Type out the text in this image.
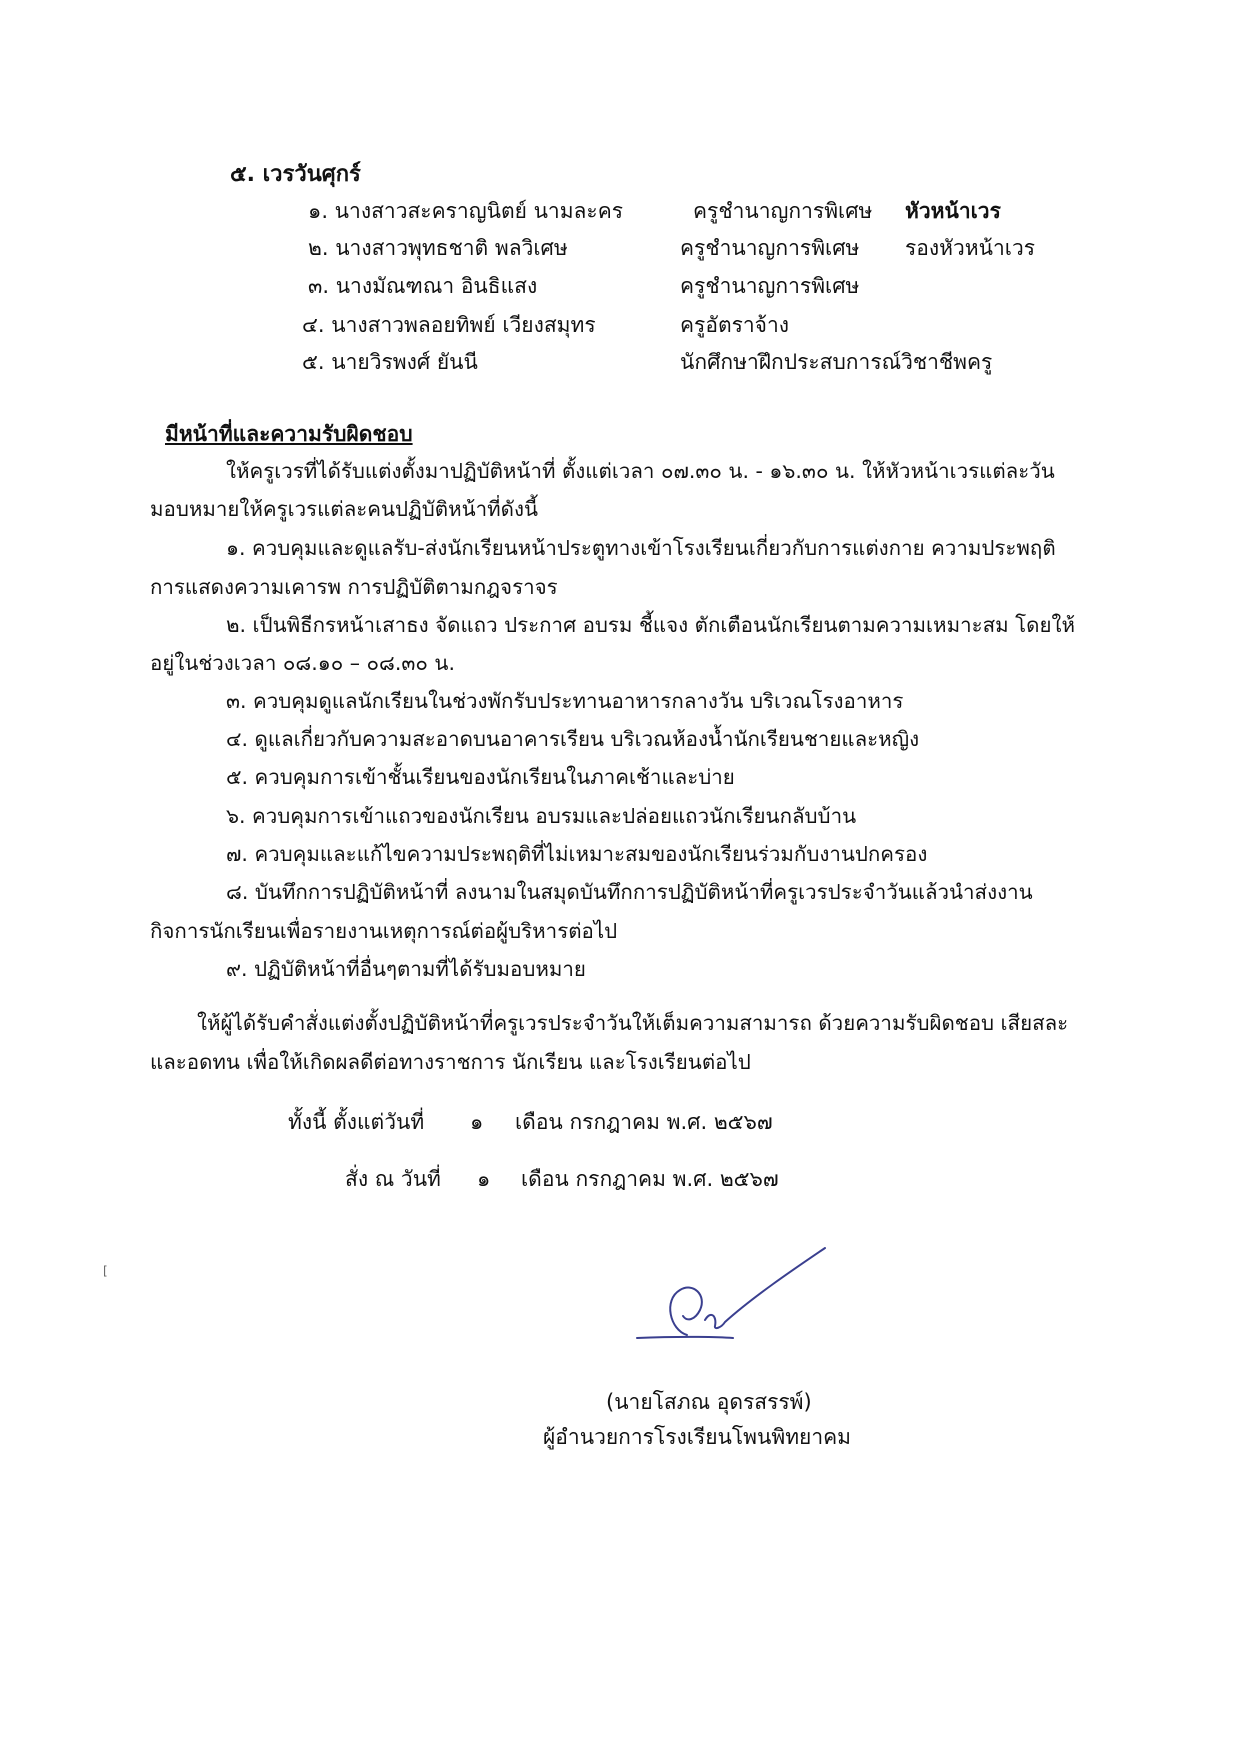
๕. เวรวันศุกร์
๑. นางสาวสะคราญนิตย์ นามละคร	ครูชำนาญการพิเศษ หัวหน้าเวร
๒. นางสาวพุทธชาติ พลวิเศษ	ครูชำนาญการพิเศษ รองหัวหน้าเวร
๓. นางมัณฑณา อินธิแสง	ครูชำนาญการพิเศษ
๔. นางสาวพลอยทิพย์ เวียงสมุทร	ครูอัตราจ้าง
๕. นายวิรพงศ์ ยันนี	นักศึกษาฝึกประสบการณ์วิชาชีพครู
มีหน้าที่และความรับผิดชอบ
ให้ครูเวรที่ได้รับแต่งตั้งมาปฏิบัติหน้าที่ ตั้งแต่เวลา ๐๗.๓๐ น. - ๑๖.๓๐ น. ให้หัวหน้าเวรแต่ละวัน
มอบหมายให้ครูเวรแต่ละคนปฏิบัติหน้าที่ดังนี้
๑. ควบคุมและดูแลรับ-ส่งนักเรียนหน้าประตูทางเข้าโรงเรียนเกี่ยวกับการแต่งกาย ความประพฤติ
การแสดงความเคารพ การปฏิบัติตามกฎจราจร
๒. เป็นพิธีกรหน้าเสาธง จัดแถว ประกาศ อบรม ชี้แจง ตักเตือนนักเรียนตามความเหมาะสม โดยให้
อยู่ในช่วงเวลา ๐๘.๑๐ – ๐๘.๓๐ น.
๓. ควบคุมดูแลนักเรียนในช่วงพักรับประทานอาหารกลางวัน บริเวณโรงอาหาร
๔. ดูแลเกี่ยวกับความสะอาดบนอาคารเรียน บริเวณห้องน้ำนักเรียนชายและหญิง
๕. ควบคุมการเข้าชั้นเรียนของนักเรียนในภาคเช้าและบ่าย
๖. ควบคุมการเข้าแถวของนักเรียน อบรมและปล่อยแถวนักเรียนกลับบ้าน
๗. ควบคุมและแก้ไขความประพฤติที่ไม่เหมาะสมของนักเรียนร่วมกับงานปกครอง
๘. บันทึกการปฏิบัติหน้าที่ ลงนามในสมุดบันทึกการปฏิบัติหน้าที่ครูเวรประจำวันแล้วนำส่งงาน
กิจการนักเรียนเพื่อรายงานเหตุการณ์ต่อผู้บริหารต่อไป
๙. ปฏิบัติหน้าที่อื่นๆตามที่ได้รับมอบหมาย
ให้ผู้ได้รับคำสั่งแต่งตั้งปฏิบัติหน้าที่ครูเวรประจำวันให้เต็มความสามารถ ด้วยความรับผิดชอบ เสียสละ
และอดทน เพื่อให้เกิดผลดีต่อทางราชการ นักเรียน และโรงเรียนต่อไป
ทั้งนี้ ตั้งแต่วันที่ ๑ เดือน กรกฎาคม พ.ศ. ๒๕๖๗
สั่ง ณ วันที่ ๑ เดือน กรกฎาคม พ.ศ. ๒๕๖๗
[
(นายโสภณ อุดรสรรพ์)
ผู้อำนวยการโรงเรียนโพนพิทยาคม
